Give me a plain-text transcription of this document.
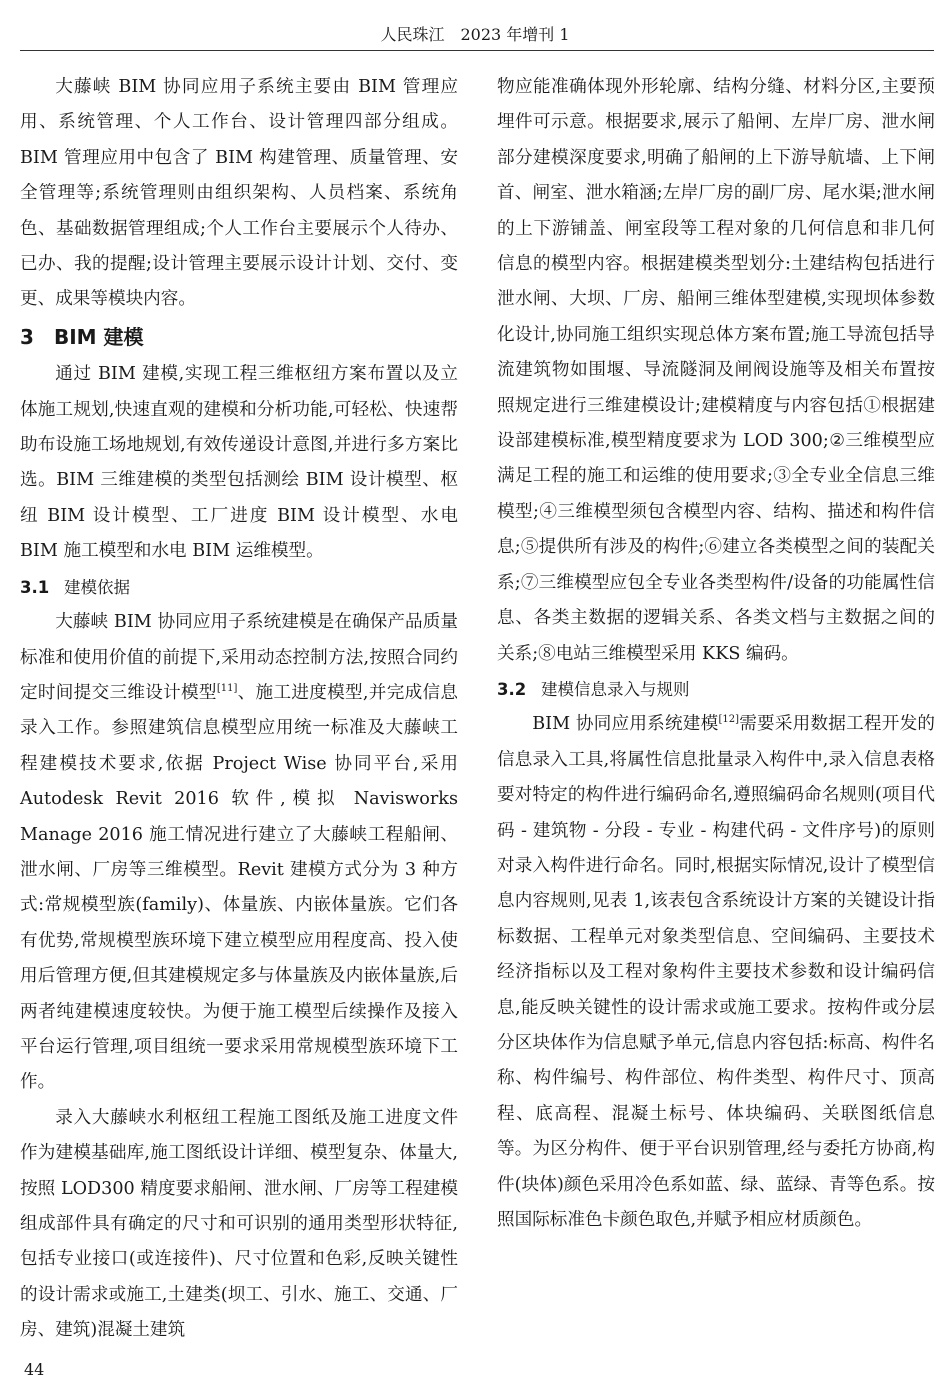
人民珠江　2023 年增刊 1

大藤峡 BIM 协同应用子系统主要由 BIM 管理应用、系统管理、个人工作台、设计管理四部分组成。BIM 管理应用中包含了 BIM 构建管理、质量管理、安全管理等;系统管理则由组织架构、人员档案、系统角色、基础数据管理组成;个人工作台主要展示个人待办、已办、我的提醒;设计管理主要展示设计计划、交付、变更、成果等模块内容。

3 BIM 建模

通过 BIM 建模,实现工程三维枢纽方案布置以及立体施工规划,快速直观的建模和分析功能,可轻松、快速帮助布设施工场地规划,有效传递设计意图,并进行多方案比选。BIM 三维建模的类型包括测绘 BIM 设计模型、枢纽 BIM 设计模型、工厂进度 BIM 设计模型、水电 BIM 施工模型和水电 BIM 运维模型。

3.1 建模依据

大藤峡 BIM 协同应用子系统建模是在确保产品质量标准和使用价值的前提下,采用动态控制方法,按照合同约定时间提交三维设计模型[11]、施工进度模型,并完成信息录入工作。参照建筑信息模型应用统一标准及大藤峡工程建模技术要求,依据 Project Wise 协同平台,采用 Autodesk Revit 2016 软件,模拟 Navisworks Manage 2016 施工情况进行建立了大藤峡工程船闸、泄水闸、厂房等三维模型。Revit 建模方式分为 3 种方式:常规模型族(family)、体量族、内嵌体量族。它们各有优势,常规模型族环境下建立模型应用程度高、投入使用后管理方便,但其建模规定多与体量族及内嵌体量族,后两者纯建模速度较快。为便于施工模型后续操作及接入平台运行管理,项目组统一要求采用常规模型族环境下工作。

录入大藤峡水利枢纽工程施工图纸及施工进度文件作为建模基础库,施工图纸设计详细、模型复杂、体量大,按照 LOD300 精度要求船闸、泄水闸、厂房等工程建模组成部件具有确定的尺寸和可识别的通用类型形状特征,包括专业接口(或连接件)、尺寸位置和色彩,反映关键性的设计需求或施工,土建类(坝工、引水、施工、交通、厂房、建筑)混凝土建筑

物应能准确体现外形轮廓、结构分缝、材料分区,主要预埋件可示意。根据要求,展示了船闸、左岸厂房、泄水闸部分建模深度要求,明确了船闸的上下游导航墙、上下闸首、闸室、泄水箱涵;左岸厂房的副厂房、尾水渠;泄水闸的上下游铺盖、闸室段等工程对象的几何信息和非几何信息的模型内容。根据建模类型划分:土建结构包括进行泄水闸、大坝、厂房、船闸三维体型建模,实现坝体参数化设计,协同施工组织实现总体方案布置;施工导流包括导流建筑物如围堰、导流隧洞及闸阀设施等及相关布置按照规定进行三维建模设计;建模精度与内容包括①根据建设部建模标准,模型精度要求为 LOD 300;②三维模型应满足工程的施工和运维的使用要求;③全专业全信息三维模型;④三维模型须包含模型内容、结构、描述和构件信息;⑤提供所有涉及的构件;⑥建立各类模型之间的装配关系;⑦三维模型应包全专业各类型构件/设备的功能属性信息、各类主数据的逻辑关系、各类文档与主数据之间的关系;⑧电站三维模型采用 KKS 编码。

3.2 建模信息录入与规则

BIM 协同应用系统建模[12]需要采用数据工程开发的信息录入工具,将属性信息批量录入构件中,录入信息表格要对特定的构件进行编码命名,遵照编码命名规则(项目代码 - 建筑物 - 分段 - 专业 - 构建代码 - 文件序号)的原则对录入构件进行命名。同时,根据实际情况,设计了模型信息内容规则,见表 1,该表包含系统设计方案的关键设计指标数据、工程单元对象类型信息、空间编码、主要技术经济指标以及工程对象构件主要技术参数和设计编码信息,能反映关键性的设计需求或施工要求。按构件或分层分区块体作为信息赋予单元,信息内容包括:标高、构件名称、构件编号、构件部位、构件类型、构件尺寸、顶高程、底高程、混凝土标号、体块编码、关联图纸信息等。为区分构件、便于平台识别管理,经与委托方协商,构件(块体)颜色采用冷色系如蓝、绿、蓝绿、青等色系。按照国际标准色卡颜色取色,并赋予相应材质颜色。

44
